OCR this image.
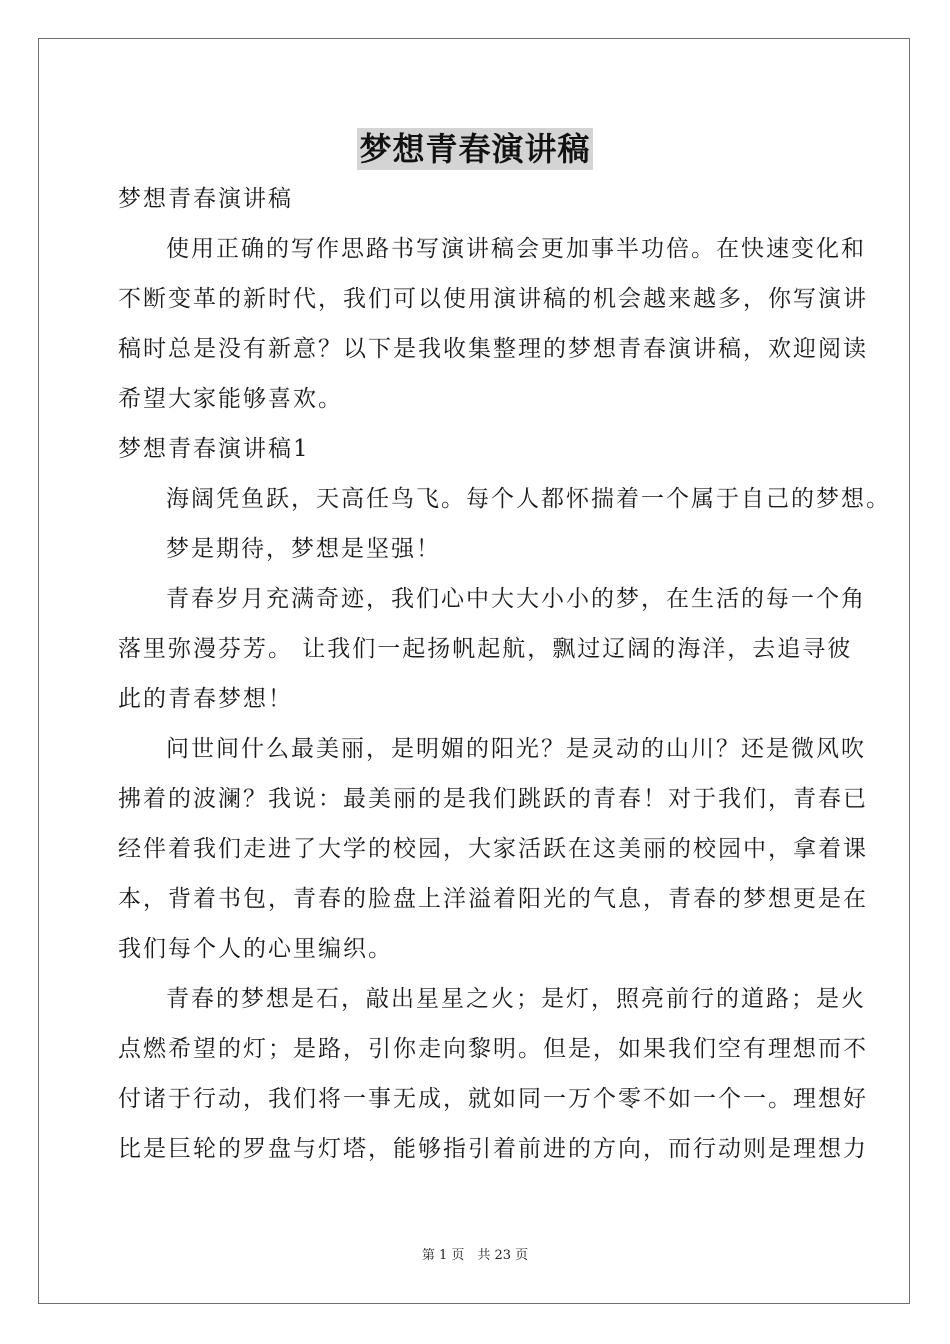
梦想青春演讲稿
梦想青春演讲稿
使用正确的写作思路书写演讲稿会更加事半功倍。在快速变化和
不断变革的新时代，我们可以使用演讲稿的机会越来越多，你写演讲
稿时总是没有新意？以下是我收集整理的梦想青春演讲稿，欢迎阅读
希望大家能够喜欢。
梦想青春演讲稿1
海阔凭鱼跃，天高任鸟飞。每个人都怀揣着一个属于自己的梦想。
梦是期待，梦想是坚强！
青春岁月充满奇迹，我们心中大大小小的梦，在生活的每一个角
落里弥漫芬芳。 让我们一起扬帆起航，飘过辽阔的海洋，去追寻彼
此的青春梦想！
问世间什么最美丽，是明媚的阳光？是灵动的山川？还是微风吹
拂着的波澜？我说：最美丽的是我们跳跃的青春！对于我们，青春已
经伴着我们走进了大学的校园，大家活跃在这美丽的校园中，拿着课
本，背着书包，青春的脸盘上洋溢着阳光的气息，青春的梦想更是在
我们每个人的心里编织。
青春的梦想是石，敲出星星之火；是灯，照亮前行的道路；是火
点燃希望的灯；是路，引你走向黎明。但是，如果我们空有理想而不
付诸于行动，我们将一事无成，就如同一万个零不如一个一。理想好
比是巨轮的罗盘与灯塔，能够指引着前进的方向，而行动则是理想力
第 1 页　共 23 页
